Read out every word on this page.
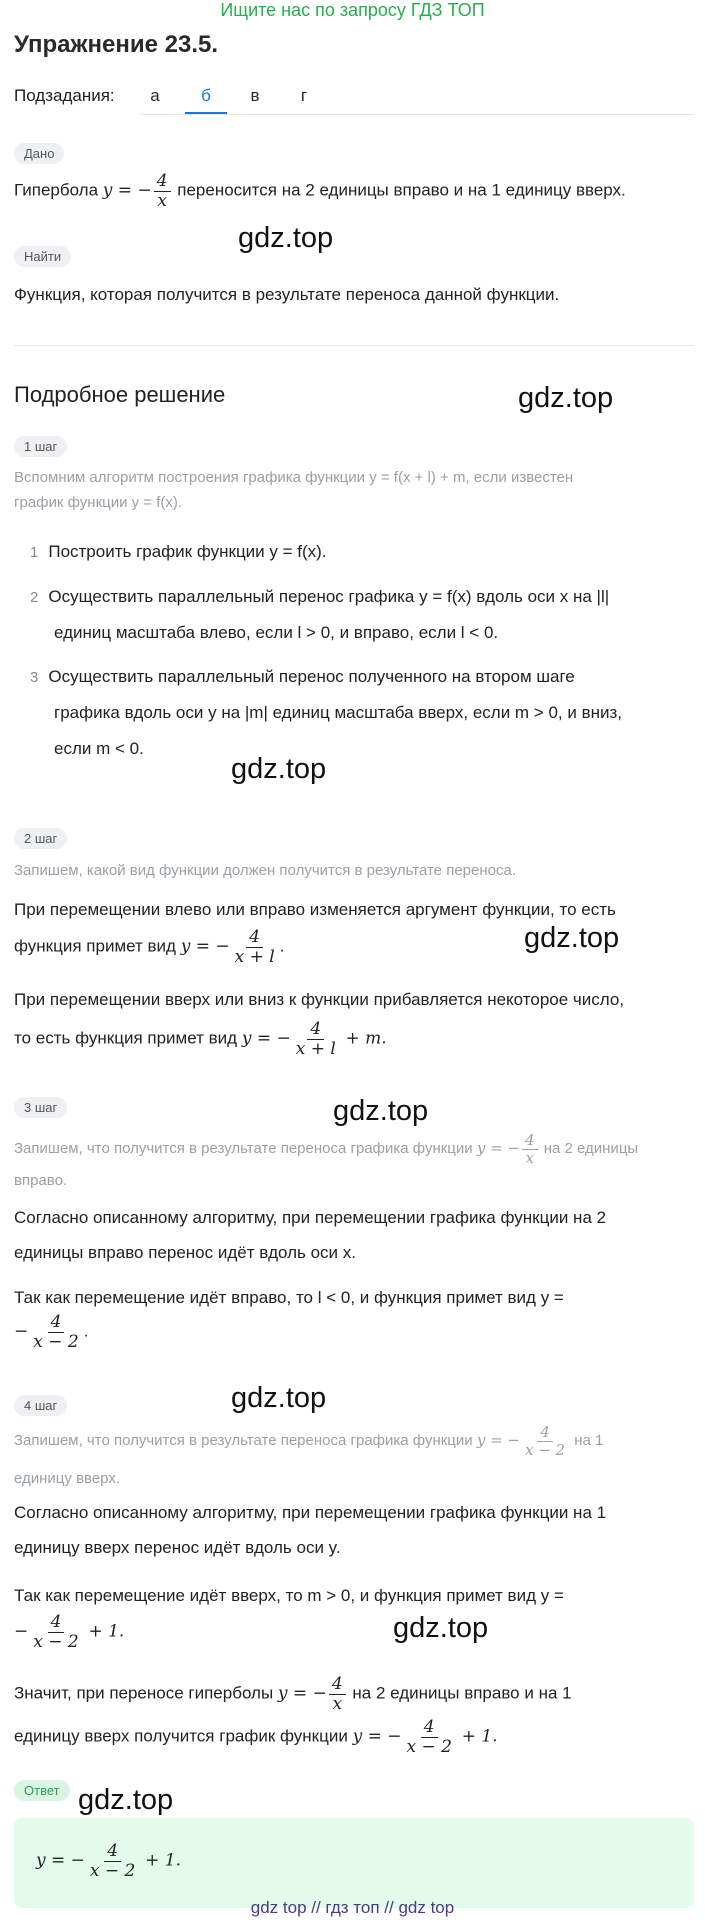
Ищите нас по запросу ГДЗ ТОП
Упражнение 23.5.
Подзадания:	а	б	в	г
Дано
Гипербола y = − $\frac{4}{x}$ переносится на 2 единицы вправо и на 1 единицу вверх.
gdz.top
Найти
Функция, которая получится в результате переноса данной функции.
Подробное решение	gdz.top
1 шаг
Вспомним алгоритм построения графика функции y = f(x + l) + m, если известен
график функции y = f(x).
1 Построить график функции y = f(x).
2 Осуществить параллельный перенос графика y = f(x) вдоль оси x на |l|
единиц масштаба влево, если l > 0, и вправо, если l < 0.
3 Осуществить параллельный перенос полученного на втором шаге
графика вдоль оси y на |m| единиц масштаба вверх, если m > 0, и вниз,
если m < 0.
gdz.top
2 шаг
Запишем, какой вид функции должен получится в результате переноса.
При перемещении влево или вправо изменяется аргумент функции, то есть
функция примет вид y = − $\frac{4}{x + l}$ .	gdz.top
При перемещении вверх или вниз к функции прибавляется некоторое число,
то есть функция примет вид y = − $\frac{4}{x + l} + m$.
gdz.top
3 шаг
Запишем, что получится в результате переноса графика функции y = − $\frac{4}{x}$ на 2 единицы
вправо.
Согласно описанному алгоритму, при перемещении графика функции на 2
единицы вправо перенос идёт вдоль оси x.
Так как перемещение идёт вправо, то l < 0, и функция примет вид y =
− $\frac{4}{x - 2}$ .
gdz.top
4 шаг
Запишем, что получится в результате переноса графика функции y = − $\frac{4}{x - 2}$ на 1
единицу вверх.
Согласно описанному алгоритму, при перемещении графика функции на 1
единицу вверх перенос идёт вдоль оси y.
Так как перемещение идёт вверх, то m > 0, и функция примет вид y =
− $\frac{4}{x - 2} + 1$.	gdz.top
Значит, при переносе гиперболы y = − $\frac{4}{x}$ на 2 единицы вправо и на 1
единицу вверх получится график функции y = − $\frac{4}{x - 2} + 1$.
Ответ gdz.top
y = − $\frac{4}{x - 2} + 1$.
gdz top // гдз топ // gdz top
